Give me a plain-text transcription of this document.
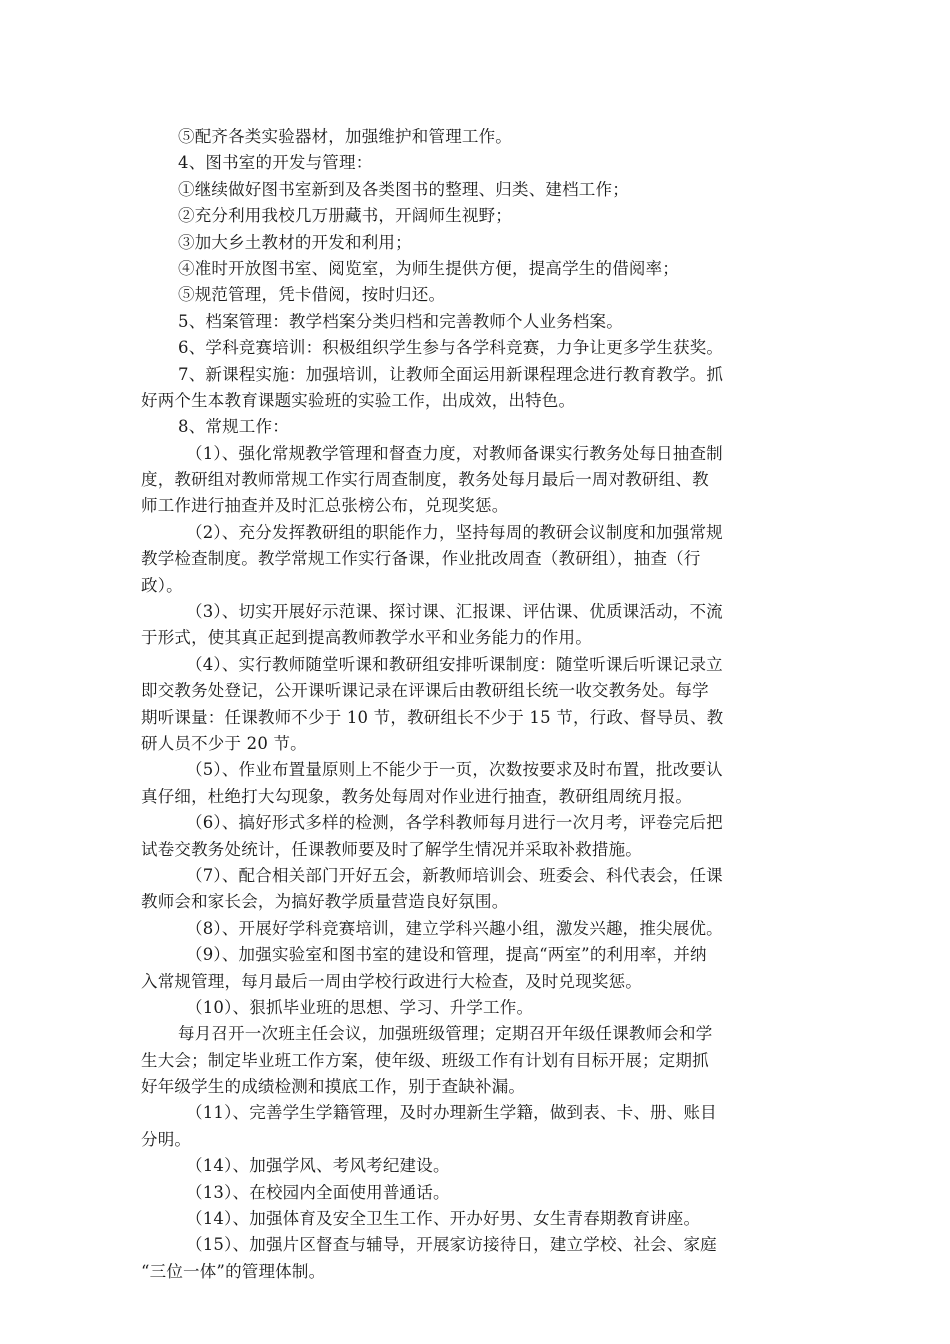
⑤配齐各类实验器材，加强维护和管理工作。
4、图书室的开发与管理：
①继续做好图书室新到及各类图书的整理、归类、建档工作；
②充分利用我校几万册藏书，开阔师生视野；
③加大乡土教材的开发和利用；
④准时开放图书室、阅览室，为师生提供方便，提高学生的借阅率；
⑤规范管理，凭卡借阅，按时归还。
5、档案管理：教学档案分类归档和完善教师个人业务档案。
6、学科竞赛培训：积极组织学生参与各学科竞赛，力争让更多学生获奖。
7、新课程实施：加强培训，让教师全面运用新课程理念进行教育教学。抓
好两个生本教育课题实验班的实验工作，出成效，出特色。
8、常规工作：
（1）、强化常规教学管理和督查力度，对教师备课实行教务处每日抽查制
度，教研组对教师常规工作实行周查制度，教务处每月最后一周对教研组、教
师工作进行抽查并及时汇总张榜公布，兑现奖惩。
（2）、充分发挥教研组的职能作力，坚持每周的教研会议制度和加强常规
教学检查制度。教学常规工作实行备课，作业批改周查（教研组），抽查（行
政）。
（3）、切实开展好示范课、探讨课、汇报课、评估课、优质课活动，不流
于形式，使其真正起到提高教师教学水平和业务能力的作用。
（4）、实行教师随堂听课和教研组安排听课制度：随堂听课后听课记录立
即交教务处登记，公开课听课记录在评课后由教研组长统一收交教务处。每学
期听课量：任课教师不少于 10 节，教研组长不少于 15 节，行政、督导员、教
研人员不少于 20 节。
（5）、作业布置量原则上不能少于一页，次数按要求及时布置，批改要认
真仔细，杜绝打大勾现象，教务处每周对作业进行抽查，教研组周统月报。
（6）、搞好形式多样的检测，各学科教师每月进行一次月考，评卷完后把
试卷交教务处统计，任课教师要及时了解学生情况并采取补救措施。
（7）、配合相关部门开好五会，新教师培训会、班委会、科代表会，任课
教师会和家长会，为搞好教学质量营造良好氛围。
（8）、开展好学科竞赛培训，建立学科兴趣小组，激发兴趣，推尖展优。
（9）、加强实验室和图书室的建设和管理，提高“两室”的利用率，并纳
入常规管理，每月最后一周由学校行政进行大检查，及时兑现奖惩。
（10）、狠抓毕业班的思想、学习、升学工作。
每月召开一次班主任会议，加强班级管理；定期召开年级任课教师会和学
生大会；制定毕业班工作方案，使年级、班级工作有计划有目标开展；定期抓
好年级学生的成绩检测和摸底工作，别于查缺补漏。
（11）、完善学生学籍管理，及时办理新生学籍，做到表、卡、册、账目
分明。
（14）、加强学风、考风考纪建设。
（13）、在校园内全面使用普通话。
（14）、加强体育及安全卫生工作、开办好男、女生青春期教育讲座。
（15）、加强片区督查与辅导，开展家访接待日，建立学校、社会、家庭
“三位一体”的管理体制。
